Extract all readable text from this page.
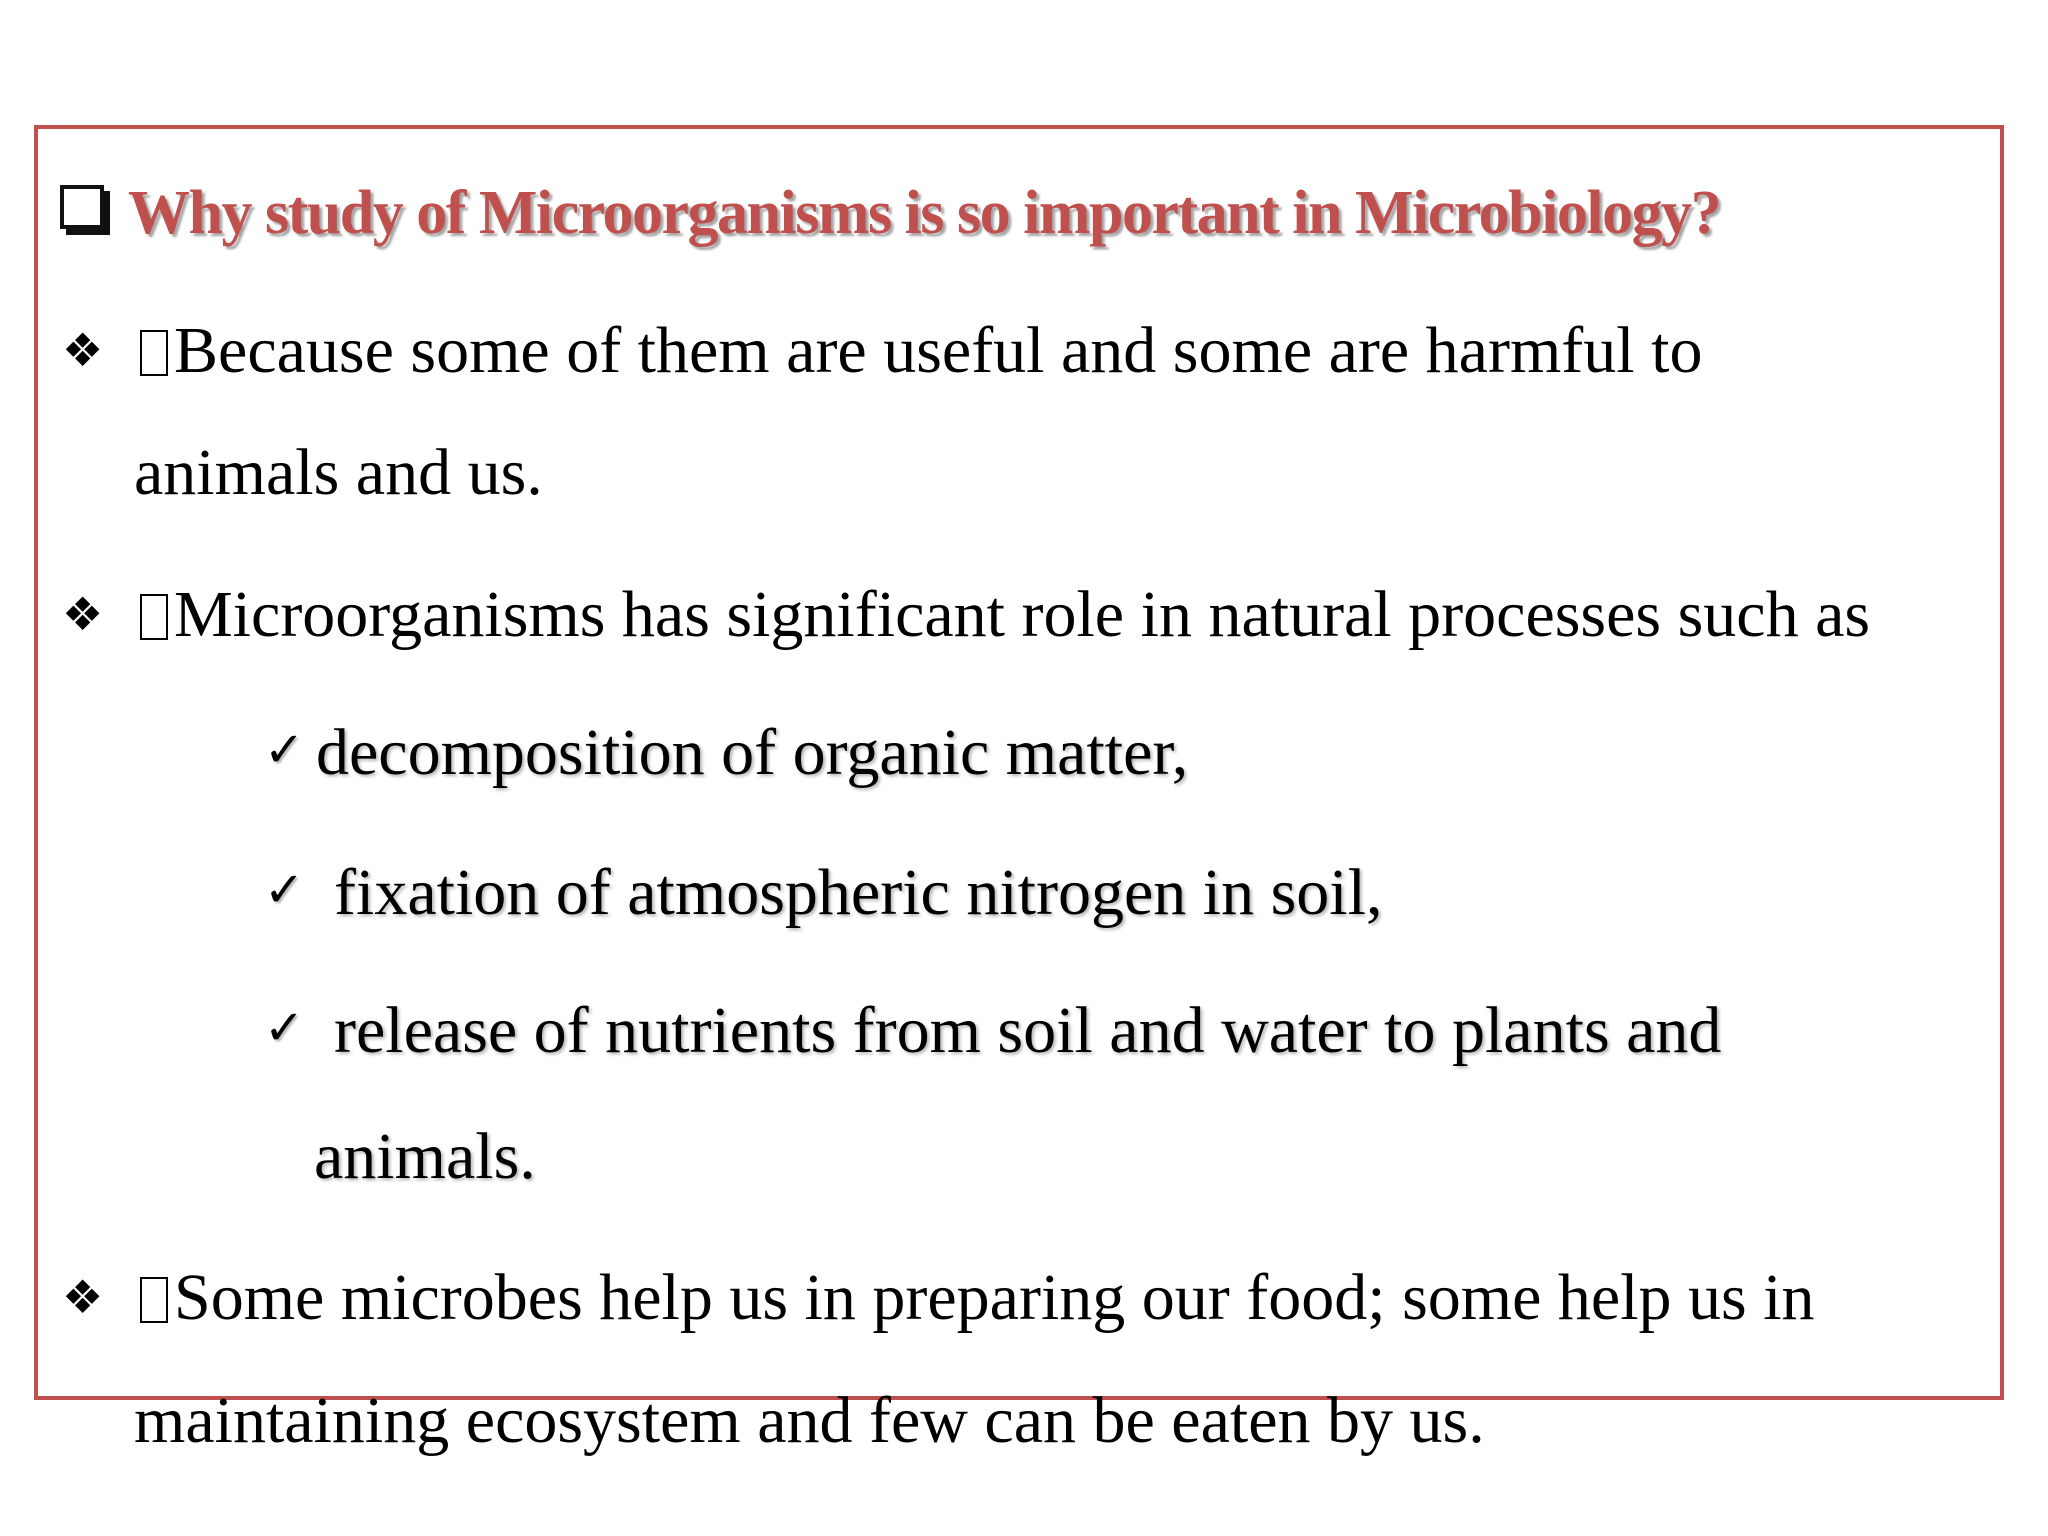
Why study of Microorganisms is so important in Microbiology?
❖	Because some of them are useful and some are harmful to
animals and us.
❖	Microorganisms has significant role in natural processes such as
✓ decomposition of organic matter,
✓ fixation of atmospheric nitrogen in soil,
✓ release of nutrients from soil and water to plants and
animals.
❖	Some microbes help us in preparing our food; some help us in
maintaining ecosystem and few can be eaten by us.
